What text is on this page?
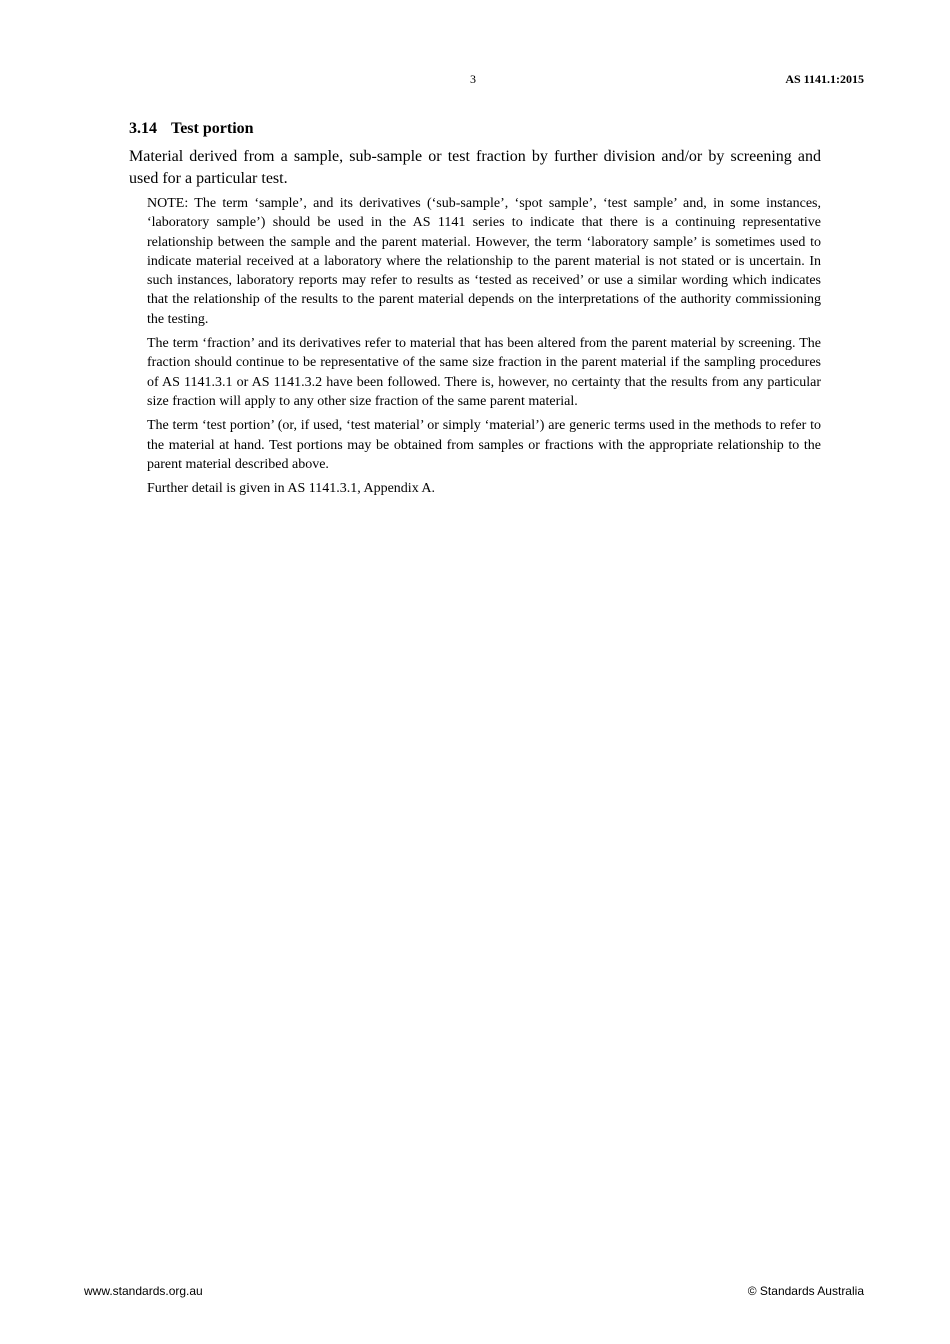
3	AS 1141.1:2015
3.14 Test portion

Material derived from a sample, sub-sample or test fraction by further division and/or by screening and used for a particular test.

NOTE: The term ‘sample’, and its derivatives (‘sub-sample’, ‘spot sample’, ‘test sample’ and, in some instances, ‘laboratory sample’) should be used in the AS 1141 series to indicate that there is a continuing representative relationship between the sample and the parent material. However, the term ‘laboratory sample’ is sometimes used to indicate material received at a laboratory where the relationship to the parent material is not stated or is uncertain. In such instances, laboratory reports may refer to results as ‘tested as received’ or use a similar wording which indicates that the relationship of the results to the parent material depends on the interpretations of the authority commissioning the testing.

The term ‘fraction’ and its derivatives refer to material that has been altered from the parent material by screening. The fraction should continue to be representative of the same size fraction in the parent material if the sampling procedures of AS 1141.3.1 or AS 1141.3.2 have been followed. There is, however, no certainty that the results from any particular size fraction will apply to any other size fraction of the same parent material.

The term ‘test portion’ (or, if used, ‘test material’ or simply ‘material’) are generic terms used in the methods to refer to the material at hand. Test portions may be obtained from samples or fractions with the appropriate relationship to the parent material described above.

Further detail is given in AS 1141.3.1, Appendix A.

www.standards.org.au	© Standards Australia
